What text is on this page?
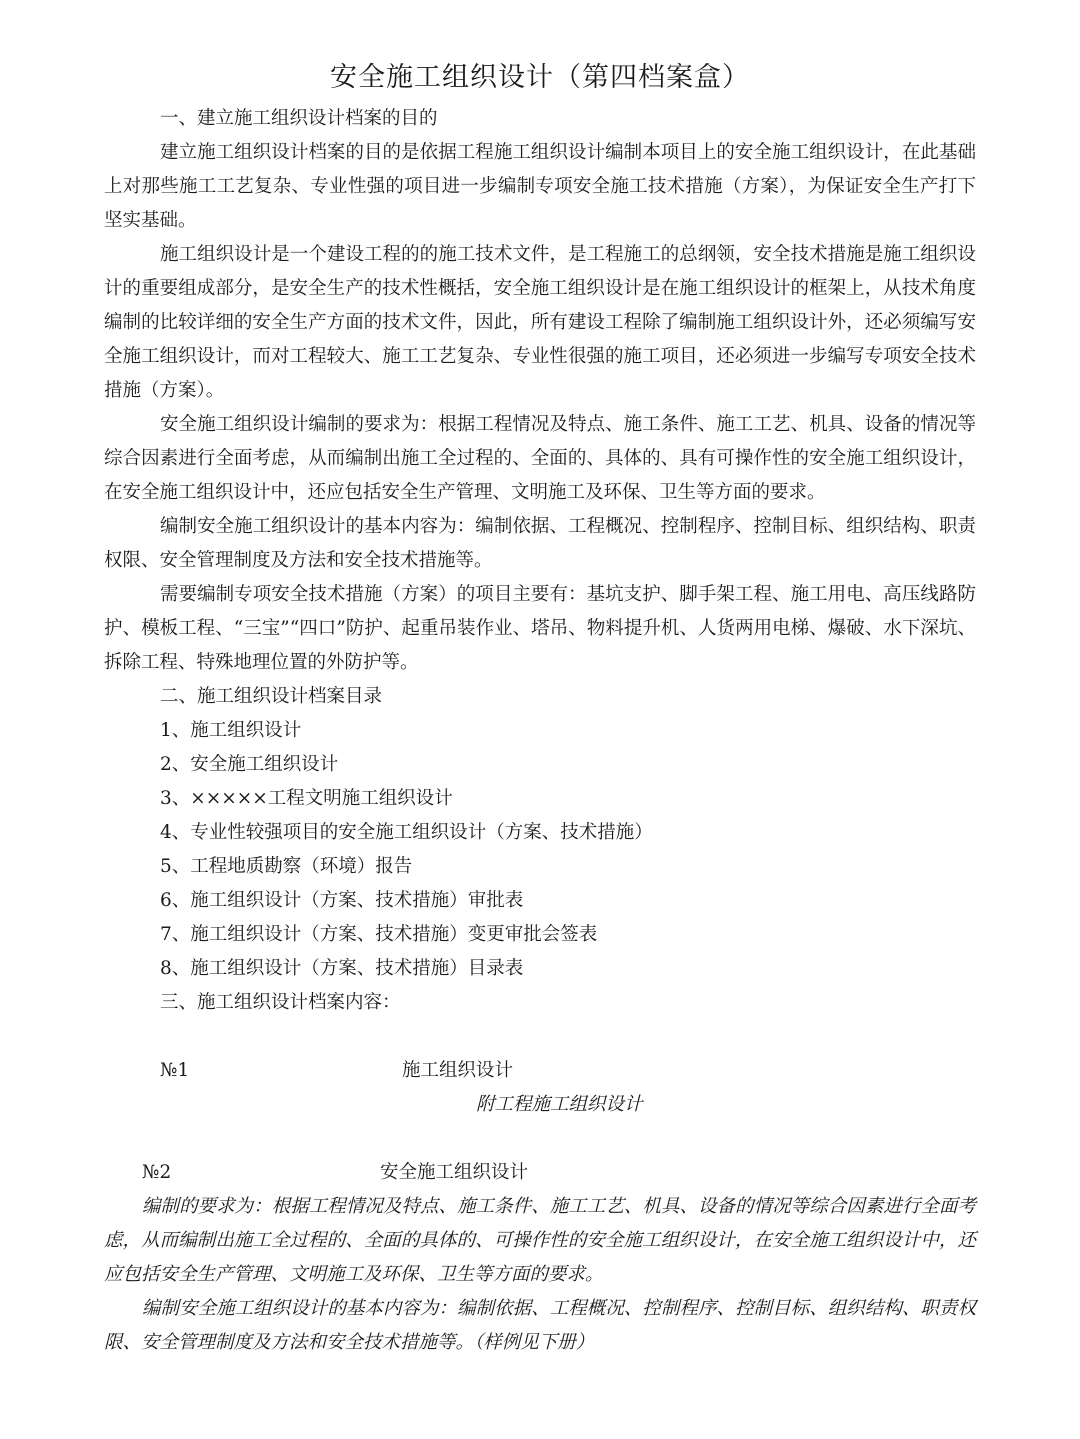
安全施工组织设计（第四档案盒）

一、建立施工组织设计档案的目的

建立施工组织设计档案的目的是依据工程施工组织设计编制本项目上的安全施工组织设计，在此基础上对那些施工工艺复杂、专业性强的项目进一步编制专项安全施工技术措施（方案），为保证安全生产打下坚实基础。

施工组织设计是一个建设工程的的施工技术文件，是工程施工的总纲领，安全技术措施是施工组织设计的重要组成部分，是安全生产的技术性概括，安全施工组织设计是在施工组织设计的框架上，从技术角度编制的比较详细的安全生产方面的技术文件，因此，所有建设工程除了编制施工组织设计外，还必须编写安全施工组织设计，而对工程较大、施工工艺复杂、专业性很强的施工项目，还必须进一步编写专项安全技术措施（方案）。

安全施工组织设计编制的要求为：根据工程情况及特点、施工条件、施工工艺、机具、设备的情况等综合因素进行全面考虑，从而编制出施工全过程的、全面的、具体的、具有可操作性的安全施工组织设计，在安全施工组织设计中，还应包括安全生产管理、文明施工及环保、卫生等方面的要求。

编制安全施工组织设计的基本内容为：编制依据、工程概况、控制程序、控制目标、组织结构、职责权限、安全管理制度及方法和安全技术措施等。

需要编制专项安全技术措施（方案）的项目主要有：基坑支护、脚手架工程、施工用电、高压线路防护、模板工程、“三宝”“四口”防护、起重吊装作业、塔吊、物料提升机、人货两用电梯、爆破、水下深坑、拆除工程、特殊地理位置的外防护等。

二、施工组织设计档案目录

1、施工组织设计

2、安全施工组织设计

3、×××××工程文明施工组织设计

4、专业性较强项目的安全施工组织设计（方案、技术措施）

5、工程地质勘察（环境）报告

6、施工组织设计（方案、技术措施）审批表

7、施工组织设计（方案、技术措施）变更审批会签表

8、施工组织设计（方案、技术措施）目录表

三、施工组织设计档案内容：

№1	施工组织设计
附工程施工组织设计
№2	安全施工组织设计

编制的要求为：根据工程情况及特点、施工条件、施工工艺、机具、设备的情况等综合因素进行全面考虑，从而编制出施工全过程的、全面的具体的、可操作性的安全施工组织设计，在安全施工组织设计中，还应包括安全生产管理、文明施工及环保、卫生等方面的要求。

编制安全施工组织设计的基本内容为：编制依据、工程概况、控制程序、控制目标、组织结构、职责权限、安全管理制度及方法和安全技术措施等。（样例见下册）
